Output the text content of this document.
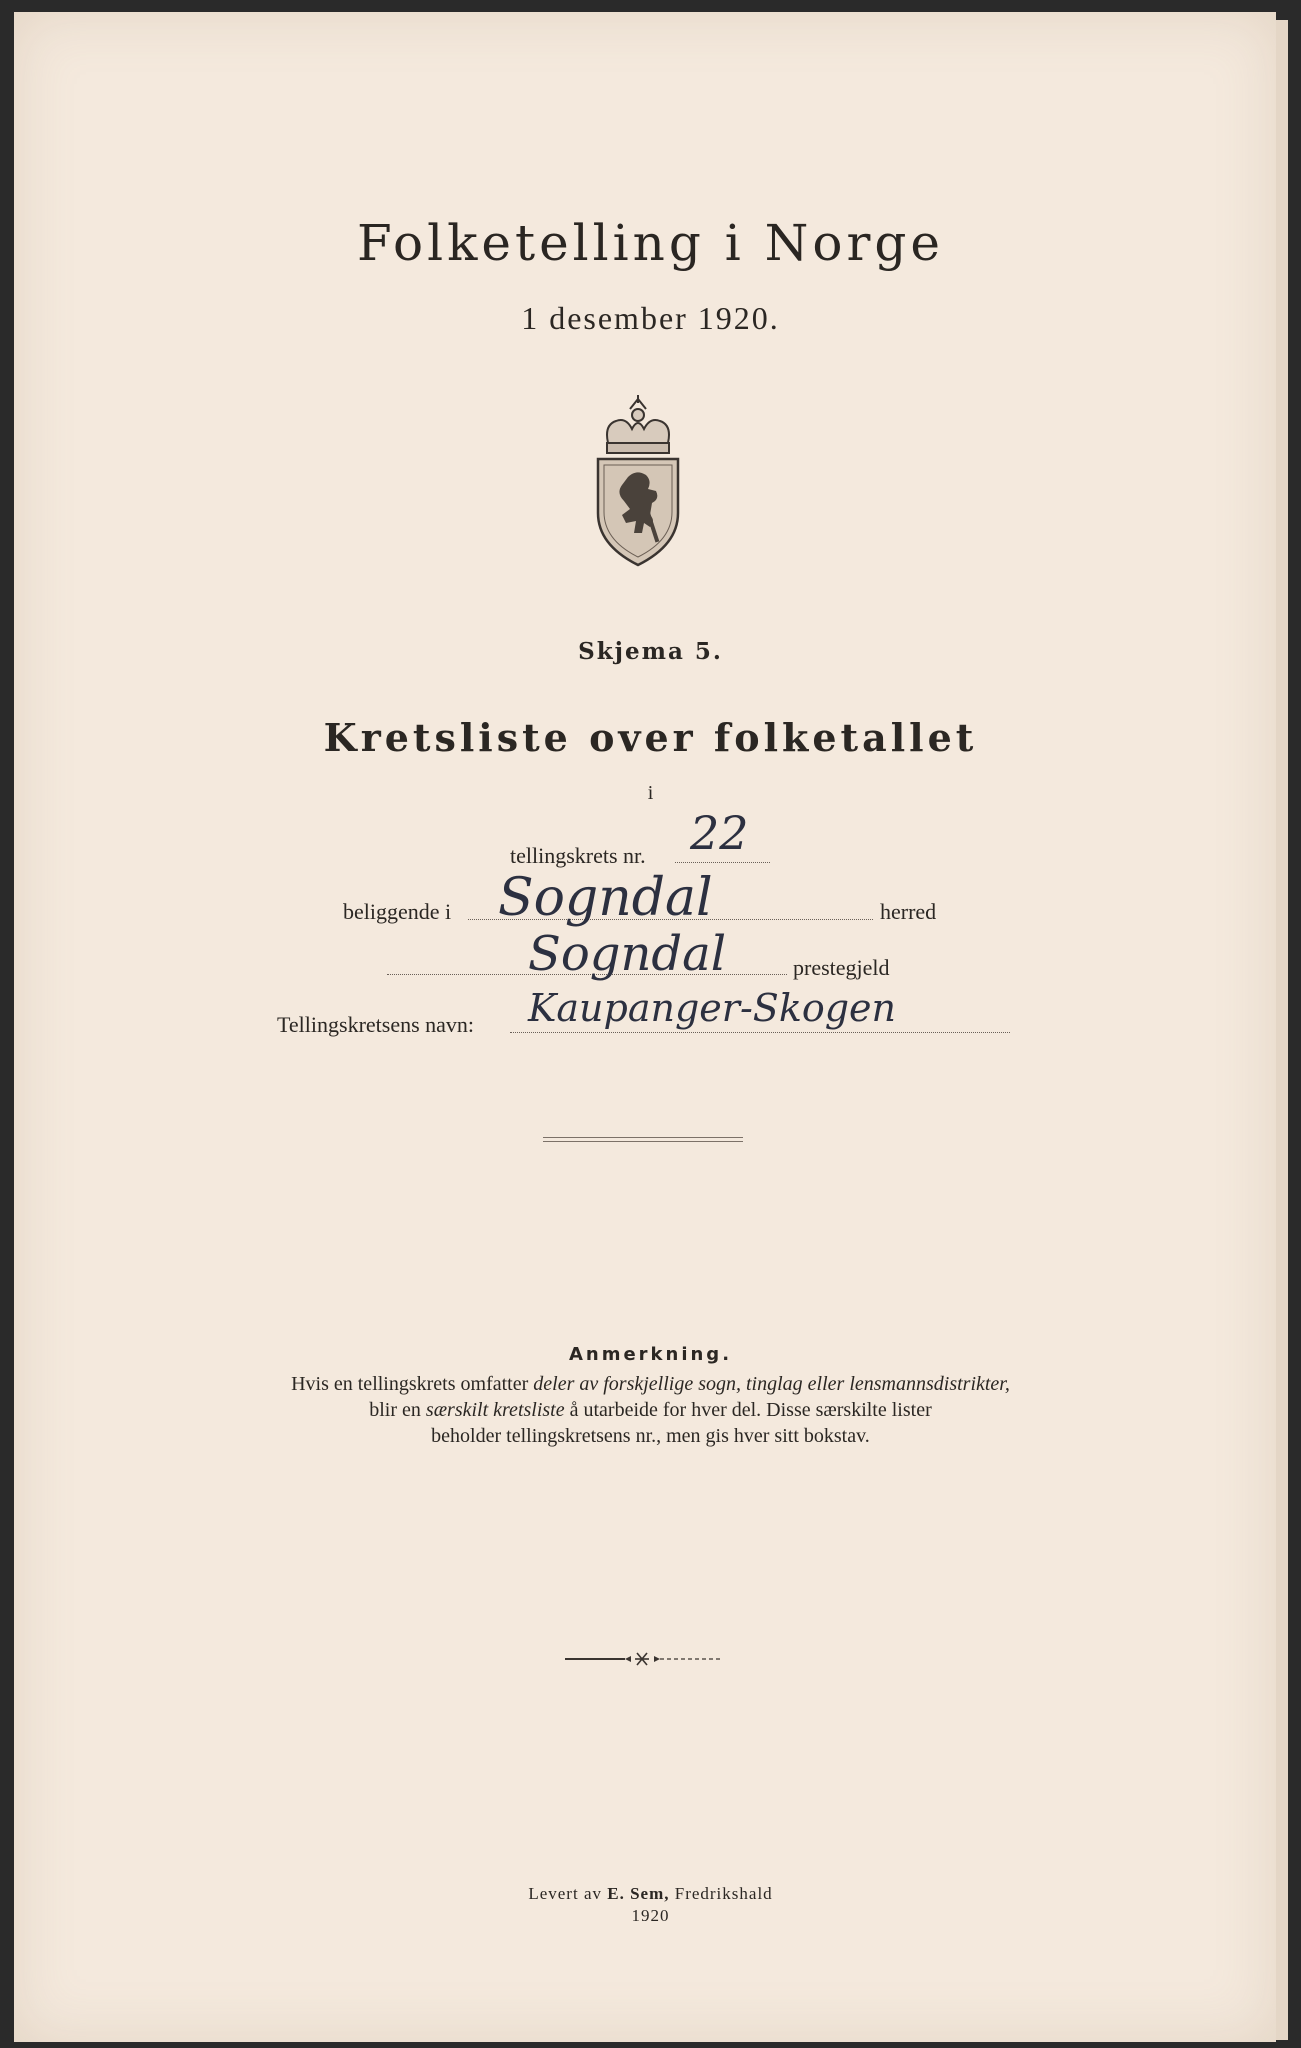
Folketelling i Norge

1 desember 1920.

Skjema 5.

Kretsliste over folketallet

i

tellingskrets nr. 22
beliggende i Sogndal	herred
Sogndal	prestegjeld
Tellingskretsens navn: Kaupanger-Skogen

Anmerkning.

Hvis en tellingskrets omfatter deler av forskjellige sogn, tinglag eller lensmannsdistrikter,

blir en særskilt kretsliste å utarbeide for hver del. Disse særskilte lister

beholder tellingskretsens nr., men gis hver sitt bokstav.

Levert av E. Sem, Fredrikshald

1920
